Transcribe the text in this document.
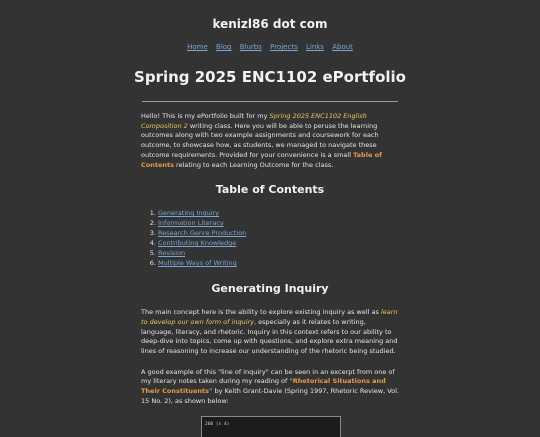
kenizl86 dot com
Home Blog Blurbs Projects Links About
Spring 2025 ENC1102 ePortfolio

Hello! This is my ePortfolio built for my Spring 2025 ENC1102 English Composition 2 writing class. Here you will be able to peruse the learning outcomes along with two example assignments and coursework for each outcome, to showcase how, as students, we managed to navigate these outcome requirements. Provided for your convenience is a small Table of Contents relating to each Learning Outcome for the class.

Table of Contents
1. Generating Inquiry
2. Information Literacy
3. Research Genre Production
4. Contributing Knowledge
5. Revision
6. Multiple Ways of Writing
Generating Inquiry

The main concept here is the ability to explore existing inquiry as well as learn to develop our own form of inquiry, especially as it relates to writing, language, literacy, and rhetoric. Inquiry in this context refers to our ability to deep-dive into topics, come up with questions, and explore extra meaning and lines of reasoning to increase our understanding of the rhetoric being studied.

A good example of this "line of inquiry" can be seen in an excerpt from one of my literary notes taken during my reading of "Rhetorical Situations and Their Constituents" by Keith Grant-Davie (Spring 1997, Rhetoric Review, Vol. 15 No. 2), as shown below:

260 (s 4)
